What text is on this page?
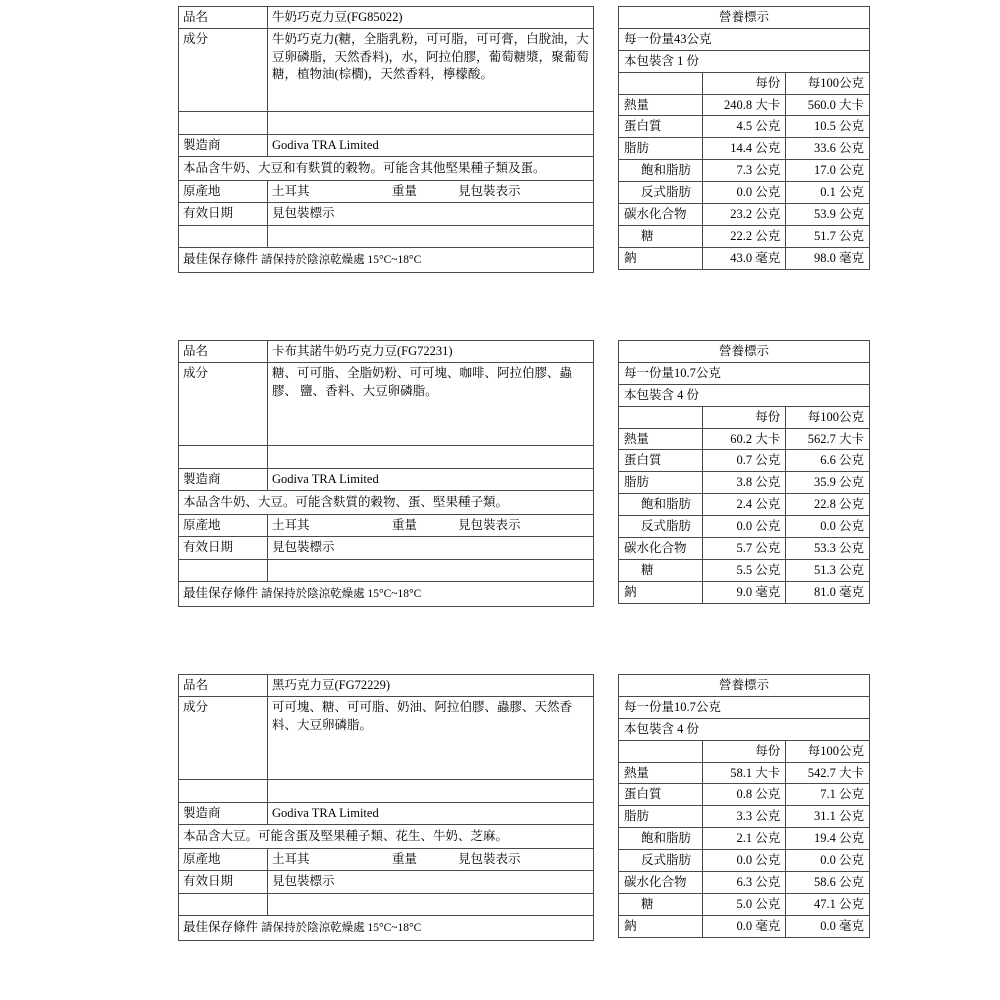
品名	牛奶巧克力豆(FG85022)
成分	牛奶巧克力(糖，全脂乳粉，可可脂，可可膏，白脫油，大豆卵磷脂，天然香料)，水，阿拉伯膠，葡萄糖漿，聚葡萄糖，植物油(棕櫚)，天然香料，檸檬酸。

製造商	Godiva TRA Limited
本品含牛奶、大豆和有麩質的穀物。可能含其他堅果種子類及蛋。
原產地		土耳其	重量	見包裝表示

有效日期	見包裝標示

最佳保存條件 請保持於陰涼乾燥處 15°C~18°C
營養標示		
每一份量43公克		
本包裝含 1 份		
	每份	每100公克
熱量	240.8 大卡	560.0 大卡
蛋白質	4.5 公克	10.5 公克
脂肪	14.4 公克	33.6 公克
飽和脂肪	7.3 公克	17.0 公克
反式脂肪	0.0 公克	0.1 公克
碳水化合物	23.2 公克	53.9 公克
糖	22.2 公克	51.7 公克
鈉	43.0 毫克	98.0 毫克
品名	卡布其諾牛奶巧克力豆(FG72231)
成分	糖、可可脂、全脂奶粉、可可塊、咖啡、阿拉伯膠、蟲膠、 鹽、香料、大豆卵磷脂。

製造商	Godiva TRA Limited
本品含牛奶、大豆。可能含麩質的穀物、蛋、堅果種子類。
原產地		土耳其	重量	見包裝表示

有效日期	見包裝標示

最佳保存條件 請保持於陰涼乾燥處 15°C~18°C
營養標示		
每一份量10.7公克		
本包裝含 4 份		
	每份	每100公克
熱量	60.2 大卡	562.7 大卡
蛋白質	0.7 公克	6.6 公克
脂肪	3.8 公克	35.9 公克
飽和脂肪	2.4 公克	22.8 公克
反式脂肪	0.0 公克	0.0 公克
碳水化合物	5.7 公克	53.3 公克
糖	5.5 公克	51.3 公克
鈉	9.0 毫克	81.0 毫克
品名	黑巧克力豆(FG72229)
成分	可可塊、糖、可可脂、奶油、阿拉伯膠、蟲膠、天然香料、大豆卵磷脂。

製造商	Godiva TRA Limited
本品含大豆。可能含蛋及堅果種子類、花生、牛奶、芝麻。
原產地		土耳其	重量	見包裝表示

有效日期	見包裝標示

最佳保存條件 請保持於陰涼乾燥處 15°C~18°C
營養標示		
每一份量10.7公克		
本包裝含 4 份		
	每份	每100公克
熱量	58.1 大卡	542.7 大卡
蛋白質	0.8 公克	7.1 公克
脂肪	3.3 公克	31.1 公克
飽和脂肪	2.1 公克	19.4 公克
反式脂肪	0.0 公克	0.0 公克
碳水化合物	6.3 公克	58.6 公克
糖	5.0 公克	47.1 公克
鈉	0.0 毫克	0.0 毫克
